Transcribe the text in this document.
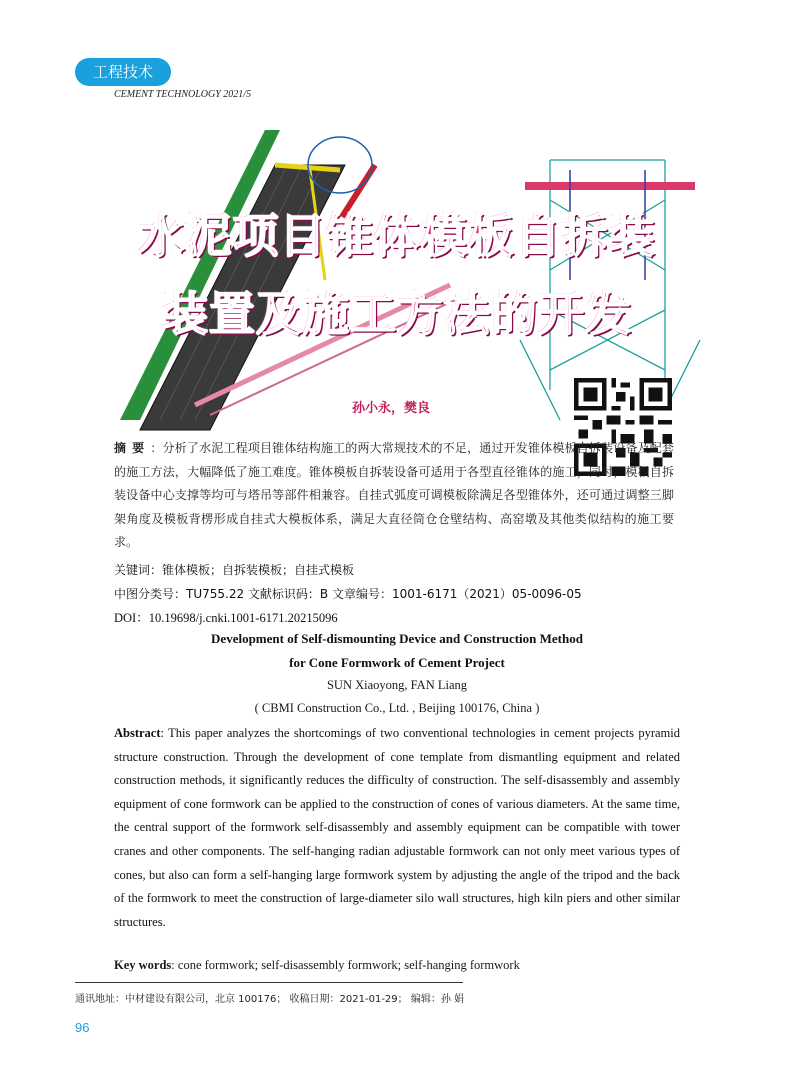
工程技术
CEMENT TECHNOLOGY 2021/5
水泥项目锥体模板自拆装
装置及施工方法的开发
孙小永，樊良
摘要：分析了水泥工程项目锥体结构施工的两大常规技术的不足，通过开发锥体模板自拆装设备及配套的施工方法，大幅降低了施工难度。锥体模板自拆装设备可适用于各型直径锥体的施工，同时，模板自拆装设备中心支撑等均可与塔吊等部件相兼容。自挂式弧度可调模板除满足各型锥体外，还可通过调整三脚架角度及模板背楞形成自挂式大模板体系，满足大直径筒仓仓壁结构、高窑墩及其他类似结构的施工要求。
关键词：锥体模板；自拆装模板；自挂式模板
中图分类号：TU755.22 文献标识码：B 文章编号：1001-6171（2021）05-0096-05
DOI：10.19698/j.cnki.1001-6171.20215096
Development of Self-dismounting Device and Construction Method
for Cone Formwork of Cement Project
SUN Xiaoyong, FAN Liang
( CBMI Construction Co., Ltd. , Beijing 100176, China )
Abstract: This paper analyzes the shortcomings of two conventional technologies in cement projects pyramid structure construction. Through the development of cone template from dismantling equipment and related construction methods, it significantly reduces the difficulty of construction. The self-disassembly and assembly equipment of cone formwork can be applied to the construction of cones of various diameters. At the same time, the central support of the formwork self-disassembly and assembly equipment can be compatible with tower cranes and other components. The self-hanging radian adjustable formwork can not only meet various types of cones, but also can form a self-hanging large formwork system by adjusting the angle of the tripod and the back of the formwork to meet the construction of large-diameter silo wall structures, high kiln piers and other similar structures.
Key words: cone formwork; self-disassembly formwork; self-hanging formwork
通讯地址：中材建设有限公司，北京 100176； 收稿日期：2021-01-29； 编辑：孙 娟
96
